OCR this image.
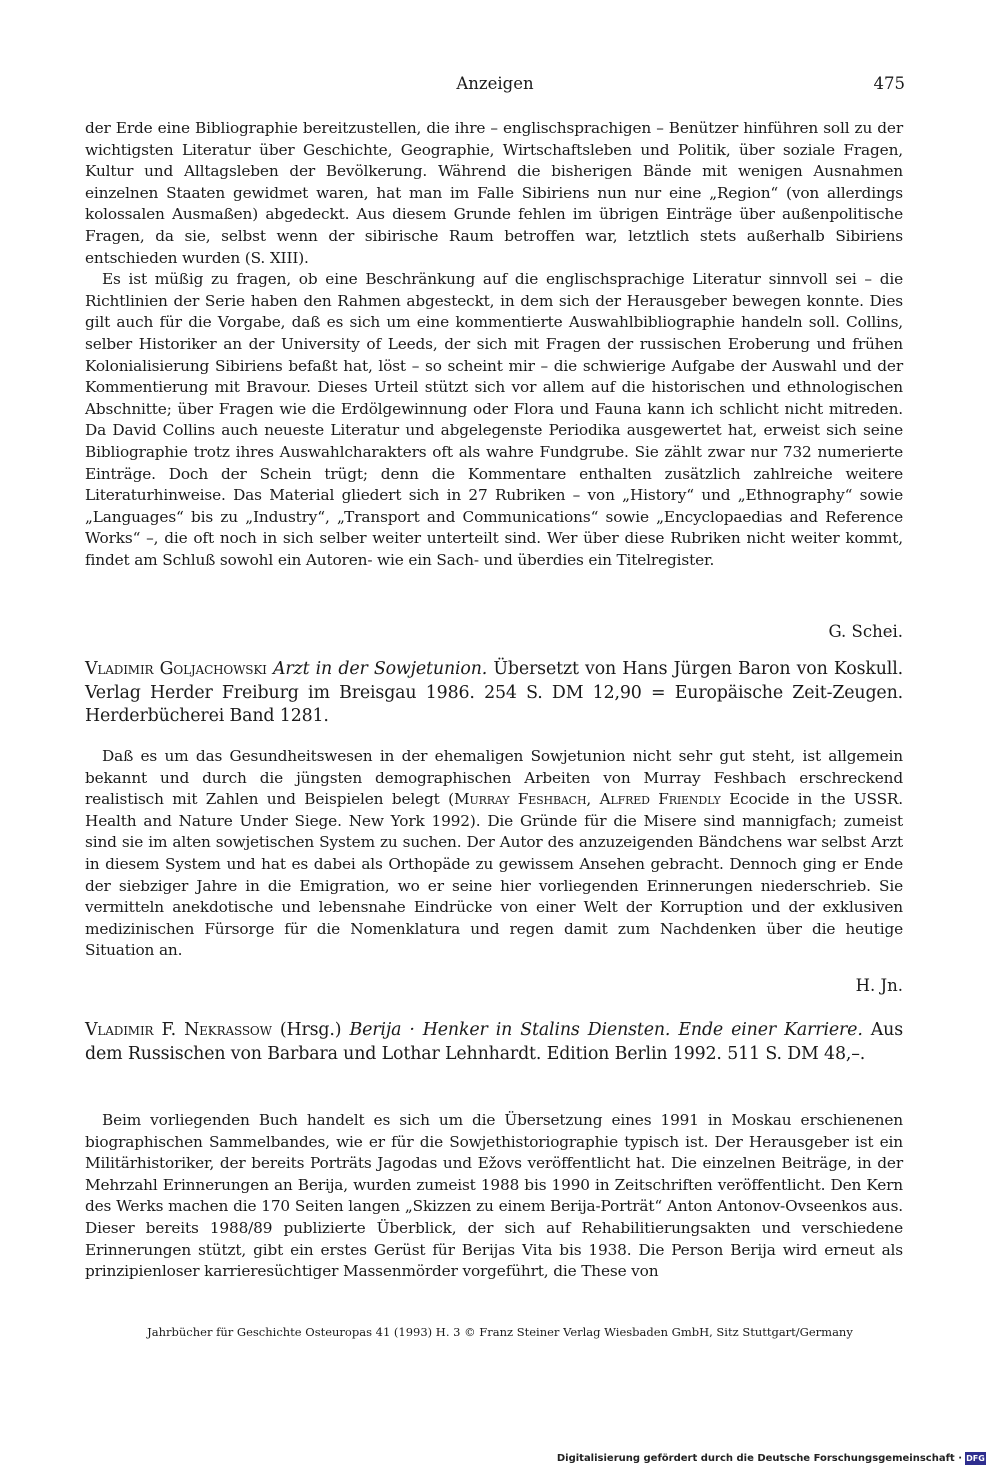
Anzeigen	475

der Erde eine Bibliographie bereitzustellen, die ihre – englischsprachigen – Benützer hinführen soll zu der wichtigsten Literatur über Geschichte, Geographie, Wirtschaftsleben und Politik, über soziale Fragen, Kultur und Alltagsleben der Bevölkerung. Während die bisherigen Bände mit wenigen Ausnahmen einzelnen Staaten gewidmet waren, hat man im Falle Sibiriens nun nur eine „Region“ (von allerdings kolossalen Ausmaßen) abgedeckt. Aus diesem Grunde fehlen im übrigen Einträge über außenpolitische Fragen, da sie, selbst wenn der sibirische Raum betroffen war, letztlich stets außerhalb Sibiriens entschieden wurden (S. XIII).

Es ist müßig zu fragen, ob eine Beschränkung auf die englischsprachige Literatur sinnvoll sei – die Richtlinien der Serie haben den Rahmen abgesteckt, in dem sich der Herausgeber bewegen konnte. Dies gilt auch für die Vorgabe, daß es sich um eine kommentierte Auswahlbibliographie handeln soll. Collins, selber Historiker an der University of Leeds, der sich mit Fragen der russischen Eroberung und frühen Kolonialisierung Sibiriens befaßt hat, löst – so scheint mir – die schwierige Aufgabe der Auswahl und der Kommentierung mit Bravour. Dieses Urteil stützt sich vor allem auf die historischen und ethnologischen Abschnitte; über Fragen wie die Erdölgewinnung oder Flora und Fauna kann ich schlicht nicht mitreden. Da David Collins auch neueste Literatur und abgelegenste Periodika ausgewertet hat, erweist sich seine Bibliographie trotz ihres Auswahlcharakters oft als wahre Fundgrube. Sie zählt zwar nur 732 numerierte Einträge. Doch der Schein trügt; denn die Kommentare enthalten zusätzlich zahlreiche weitere Literaturhinweise. Das Material gliedert sich in 27 Rubriken – von „History“ und „Ethnography“ sowie „Languages“ bis zu „Industry“, „Transport and Communications“ sowie „Encyclopaedias and Reference Works“ –, die oft noch in sich selber weiter unterteilt sind. Wer über diese Rubriken nicht weiter kommt, findet am Schluß sowohl ein Autoren- wie ein Sach- und überdies ein Titelregister.

G. Schei.

Vladimir Goljachowski Arzt in der Sowjetunion. Übersetzt von Hans Jürgen Baron von Koskull. Verlag Herder Freiburg im Breisgau 1986. 254 S. DM 12,90 = Europäische Zeit-Zeugen. Herderbücherei Band 1281.

Daß es um das Gesundheitswesen in der ehemaligen Sowjetunion nicht sehr gut steht, ist allgemein bekannt und durch die jüngsten demographischen Arbeiten von Murray Feshbach erschreckend realistisch mit Zahlen und Beispielen belegt (Murray Feshbach, Alfred Friendly Ecocide in the USSR. Health and Nature Under Siege. New York 1992). Die Gründe für die Misere sind mannigfach; zumeist sind sie im alten sowjetischen System zu suchen. Der Autor des anzuzeigenden Bändchens war selbst Arzt in diesem System und hat es dabei als Orthopäde zu gewissem Ansehen gebracht. Dennoch ging er Ende der siebziger Jahre in die Emigration, wo er seine hier vorliegenden Erinnerungen niederschrieb. Sie vermitteln anekdotische und lebensnahe Eindrücke von einer Welt der Korruption und der exklusiven medizinischen Fürsorge für die Nomenklatura und regen damit zum Nachdenken über die heutige Situation an.

H. Jn.

Vladimir F. Nekrassow (Hrsg.) Berija · Henker in Stalins Diensten. Ende einer Karriere. Aus dem Russischen von Barbara und Lothar Lehnhardt. Edition Berlin 1992. 511 S. DM 48,–.

Beim vorliegenden Buch handelt es sich um die Übersetzung eines 1991 in Moskau erschienenen biographischen Sammelbandes, wie er für die Sowjethistoriographie typisch ist. Der Herausgeber ist ein Militärhistoriker, der bereits Porträts Jagodas und Ežovs veröffentlicht hat. Die einzelnen Beiträge, in der Mehrzahl Erinnerungen an Berija, wurden zumeist 1988 bis 1990 in Zeitschriften veröffentlicht. Den Kern des Werks machen die 170 Seiten langen „Skizzen zu einem Berija-Porträt“ Anton Antonov-Ovseenkos aus. Dieser bereits 1988/89 publizierte Überblick, der sich auf Rehabilitierungsakten und verschiedene Erinnerungen stützt, gibt ein erstes Gerüst für Berijas Vita bis 1938. Die Person Berija wird erneut als prinzipienloser karrieresüchtiger Massenmörder vorgeführt, die These von

Jahrbücher für Geschichte Osteuropas 41 (1993) H. 3 © Franz Steiner Verlag Wiesbaden GmbH, Sitz Stuttgart/Germany
Digitalisierung gefördert durch die Deutsche Forschungsgemeinschaft · DFG
